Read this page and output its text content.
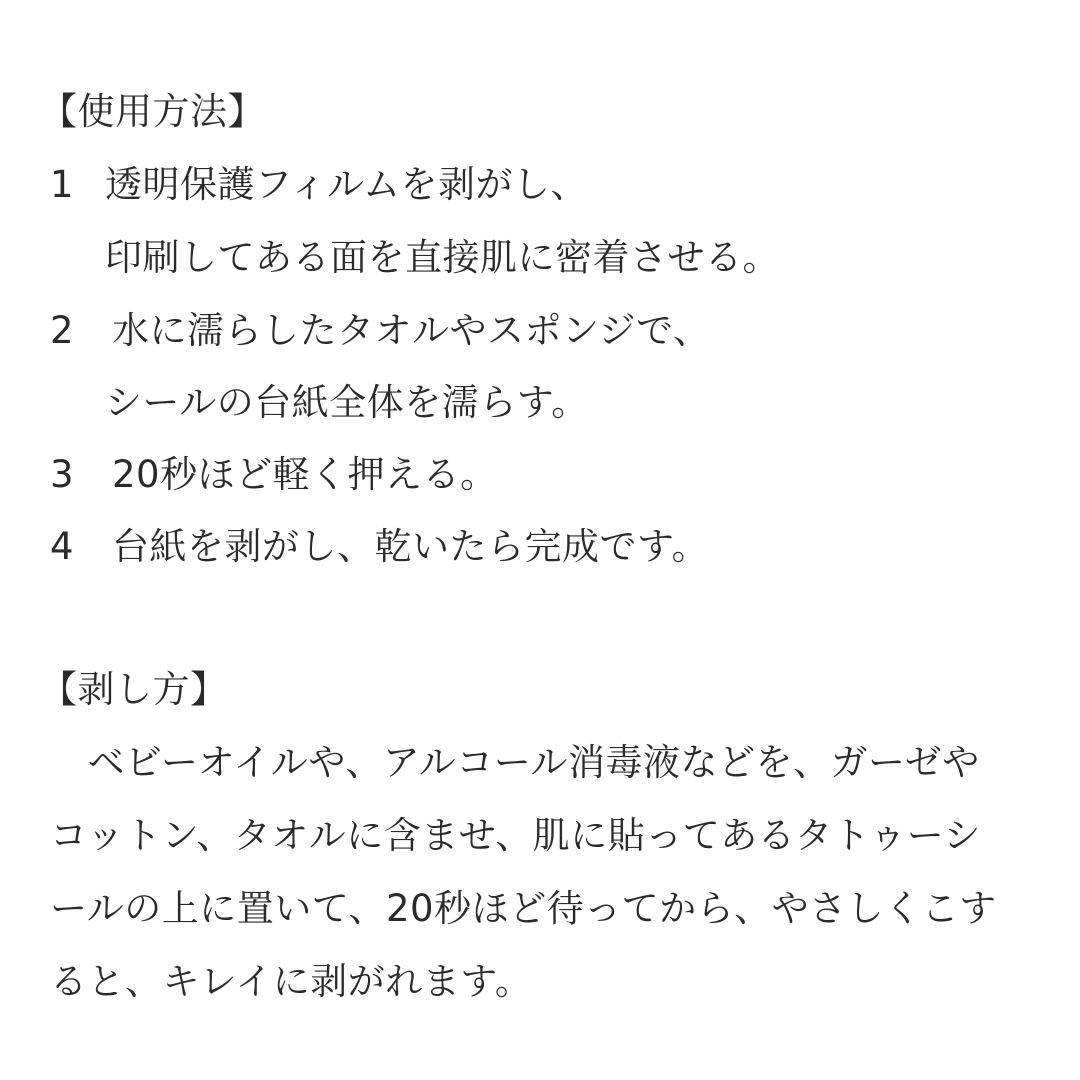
【使用方法】
1 透明保護フィルムを剥がし、
印刷してある面を直接肌に密着させる。
2 水に濡らしたタオルやスポンジで、
シールの台紙全体を濡らす。
3 20秒ほど軽く押える。
4 台紙を剥がし、乾いたら完成です。
【剥し方】
　ベビーオイルや、アルコール消毒液などを、ガーゼや
コットン、タオルに含ませ、肌に貼ってあるタトゥーシ
ールの上に置いて、20秒ほど待ってから、やさしくこす
ると、キレイに剥がれます。
